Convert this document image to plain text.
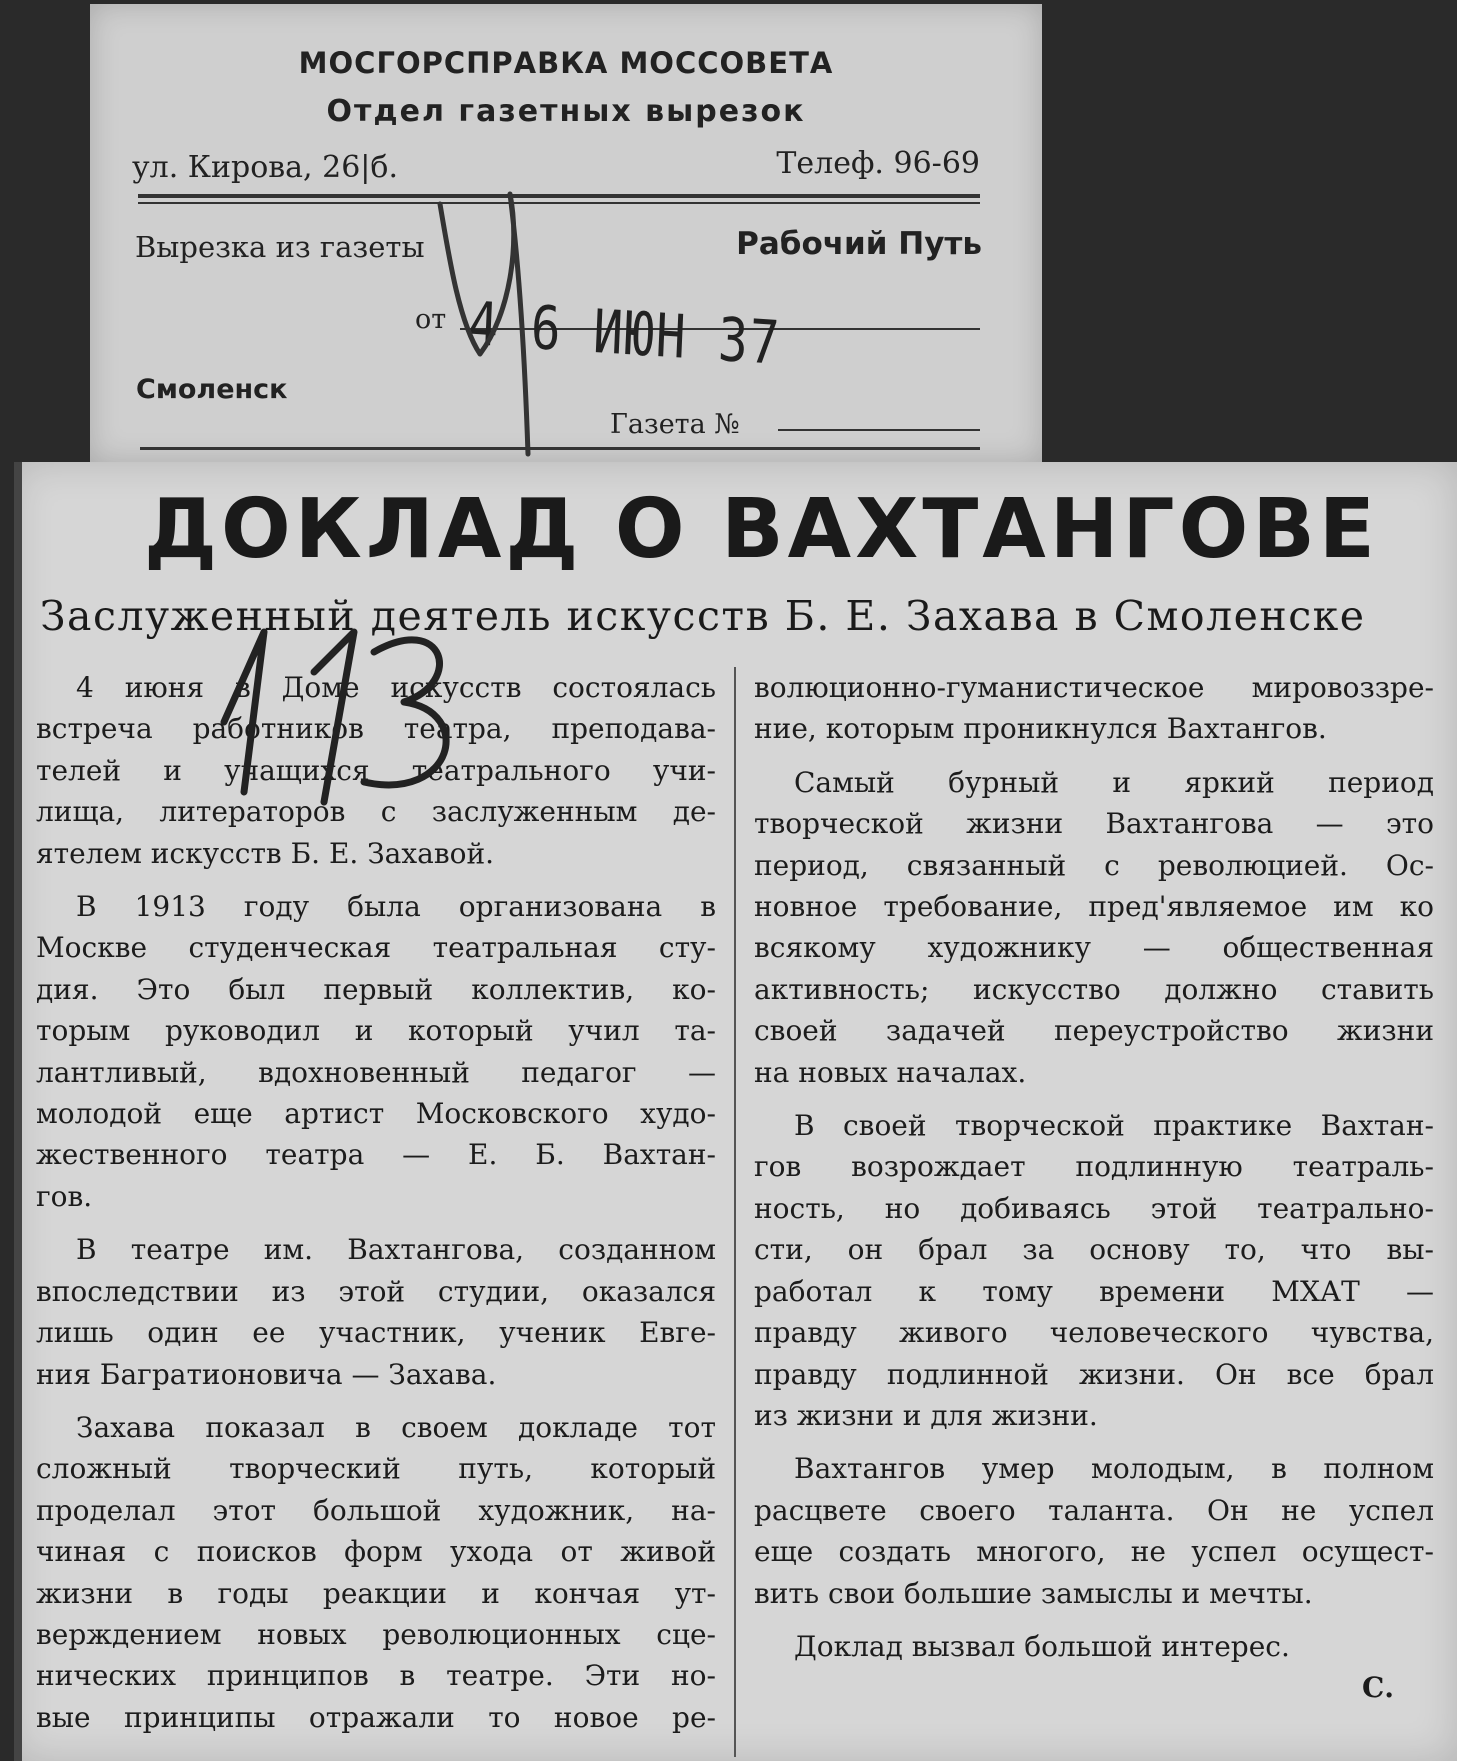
МОСГОРСПРАВКА МОССОВЕТА
Отдел газетных вырезок
ул. Кирова, 26|б.	Телеф. 96-69
Вырезка из газеты	Рабочий Путь
от 4 6 ИЮН 37
Смоленск
Газета №
ДОКЛАД О ВАХТАНГОВЕ
Заслуженный деятель искусств Б. Е. Захава в Смоленске
4 июня в Доме искусств состоялась
встреча работников театра, преподава-
телей и учащихся театрального учи-
лища, литераторов с заслуженным де-
ятелем искусств Б. Е. Захавой.
В 1913 году была организована в
Москве студенческая театральная сту-
дия. Это был первый коллектив, ко-
торым руководил и который учил та-
лантливый, вдохновенный педагог —
молодой еще артист Московского худо-
жественного театра — Е. Б. Вахтан-
гов.
В театре им. Вахтангова, созданном
впоследствии из этой студии, оказался
лишь один ее участник, ученик Евге-
ния Багратионовича — Захава.
Захава показал в своем докладе тот
сложный творческий путь, который
проделал этот большой художник, на-
чиная с поисков форм ухода от живой
жизни в годы реакции и кончая ут-
верждением новых революционных сце-
нических принципов в театре. Эти но-
вые принципы отражали то новое ре-
волюционно-гуманистическое мировоззре-
ние, которым проникнулся Вахтангов.
Самый бурный и яркий период
творческой жизни Вахтангова — это
период, связанный с революцией. Ос-
новное требование, пред'являемое им ко
всякому художнику — общественная
активность; искусство должно ставить
своей задачей переустройство жизни
на новых началах.
В своей творческой практике Вахтан-
гов возрождает подлинную театраль-
ность, но добиваясь этой театрально-
сти, он брал за основу то, что вы-
работал к тому времени МХАТ —
правду живого человеческого чувства,
правду подлинной жизни. Он все брал
из жизни и для жизни.
Вахтангов умер молодым, в полном
расцвете своего таланта. Он не успел
еще создать многого, не успел осущест-
вить свои большие замыслы и мечты.
Доклад вызвал большой интерес.
С.
